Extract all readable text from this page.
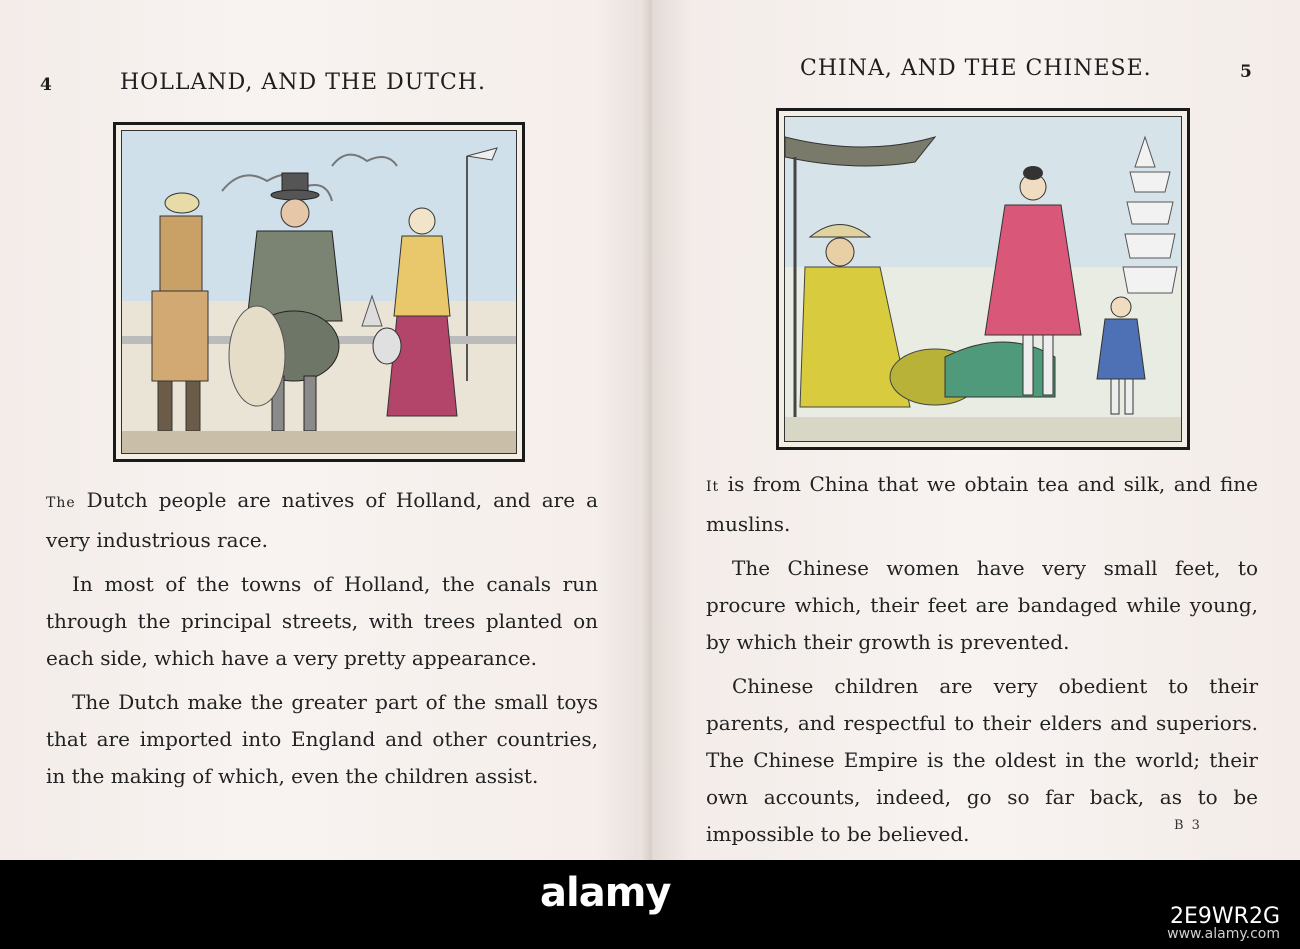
4	HOLLAND, AND THE DUTCH.

The Dutch people are natives of Holland, and are a very industrious race.

In most of the towns of Holland, the canals run through the principal streets, with trees planted on each side, which have a very pretty appearance.

The Dutch make the greater part of the small toys that are imported into England and other countries, in the making of which, even the children assist.

CHINA, AND THE CHINESE.	5

It is from China that we obtain tea and silk, and fine muslins.

The Chinese women have very small feet, to procure which, their feet are bandaged while young, by which their growth is prevented.

Chinese children are very obedient to their parents, and respectful to their elders and superiors. The Chinese Empire is the oldest in the world; their own accounts, indeed, go so far back, as to be impossible to be believed.	B 3
alamy
2E9WR2G
www.alamy.com
